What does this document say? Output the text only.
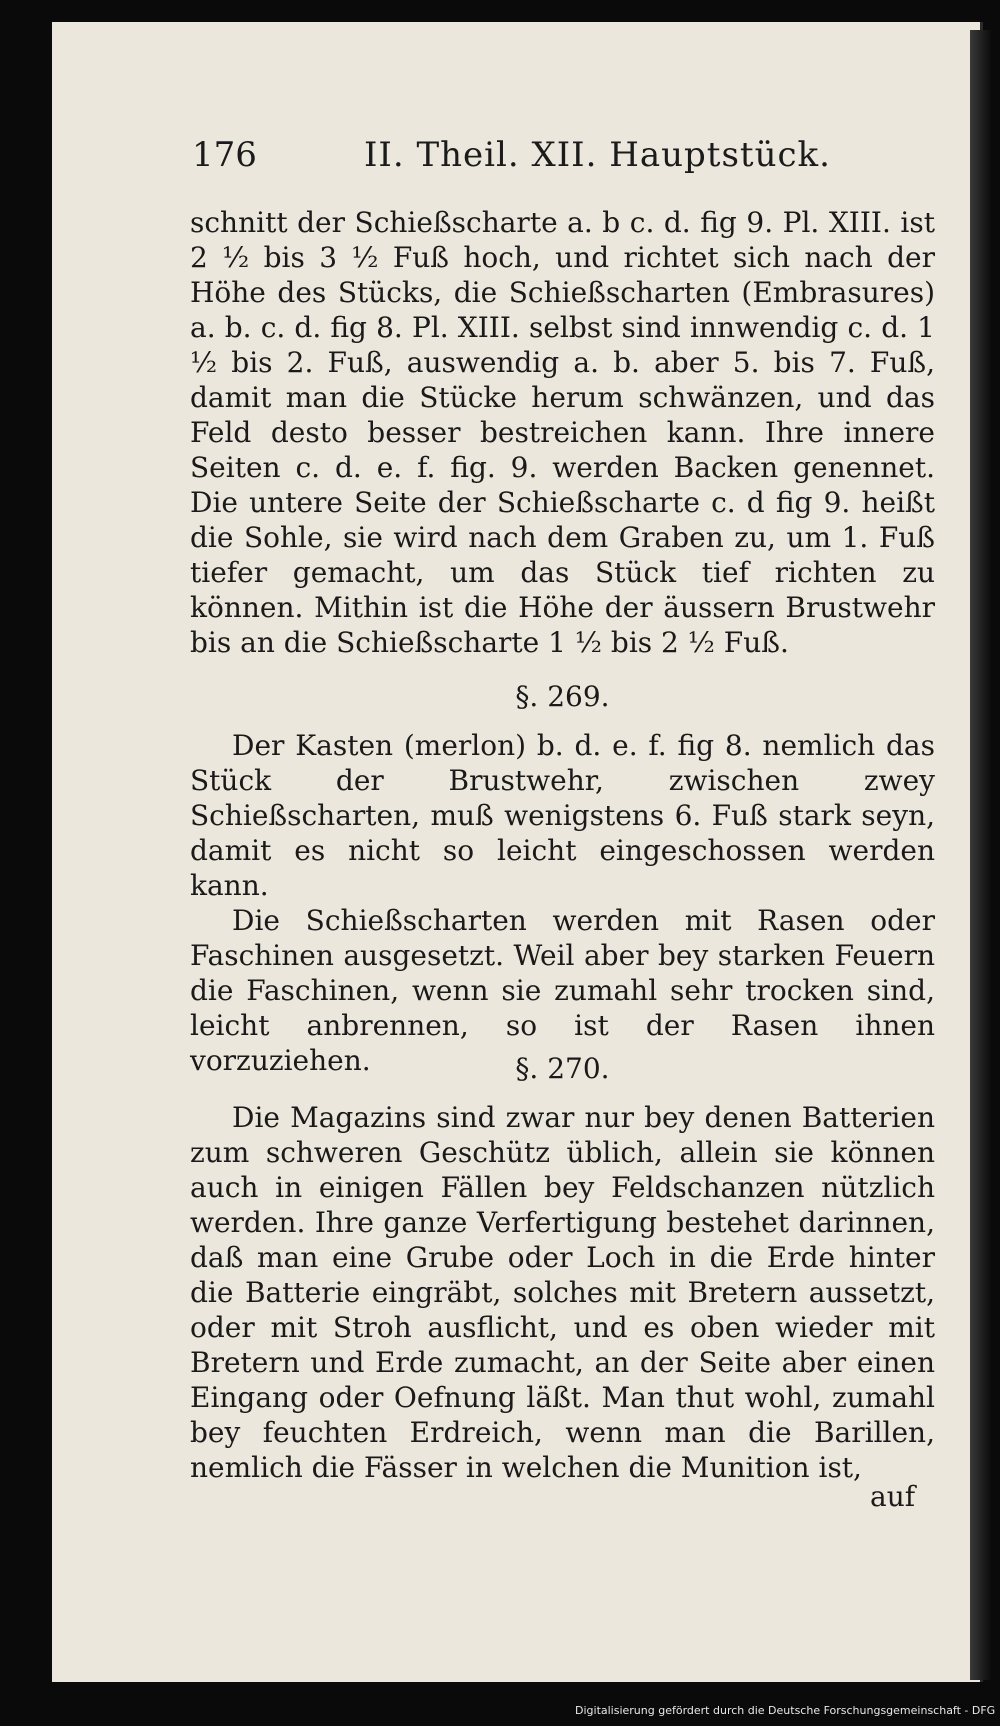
176	II. Theil. XII. Hauptstück.

schnitt der Schießscharte a. b c. d. fig 9. Pl. XIII. ist 2 ½ bis 3 ½ Fuß hoch, und richtet sich nach der Höhe des Stücks, die Schießscharten (Embrasures) a. b. c. d. fig 8. Pl. XIII. selbst sind innwendig c. d. 1 ½ bis 2. Fuß, auswendig a. b. aber 5. bis 7. Fuß, damit man die Stücke herum schwänzen, und das Feld desto besser bestreichen kann. Ihre innere Seiten c. d. e. f. fig. 9. werden Backen genennet. Die untere Seite der Schießscharte c. d fig 9. heißt die Sohle, sie wird nach dem Graben zu, um 1. Fuß tiefer gemacht, um das Stück tief richten zu können. Mithin ist die Höhe der äussern Brustwehr bis an die Schießscharte 1 ½ bis 2 ½ Fuß.

§. 269.

Der Kasten (merlon) b. d. e. f. fig 8. nemlich das Stück der Brustwehr, zwischen zwey Schießscharten, muß wenigstens 6. Fuß stark seyn, damit es nicht so leicht eingeschossen werden kann.

Die Schießscharten werden mit Rasen oder Faschinen ausgesetzt. Weil aber bey starken Feuern die Faschinen, wenn sie zumahl sehr trocken sind, leicht anbrennen, so ist der Rasen ihnen vorzuziehen.	§. 270.

Die Magazins sind zwar nur bey denen Batterien zum schweren Geschütz üblich, allein sie können auch in einigen Fällen bey Feldschanzen nützlich werden. Ihre ganze Verfertigung bestehet darinnen, daß man eine Grube oder Loch in die Erde hinter die Batterie eingräbt, solches mit Bretern aussetzt, oder mit Stroh ausflicht, und es oben wieder mit Bretern und Erde zumacht, an der Seite aber einen Eingang oder Oefnung läßt. Man thut wohl, zumahl bey feuchten Erdreich, wenn man die Barillen, nemlich die Fässer in welchen die Munition ist,

auf
Digitalisierung gefördert durch die Deutsche Forschungsgemeinschaft - DFG
